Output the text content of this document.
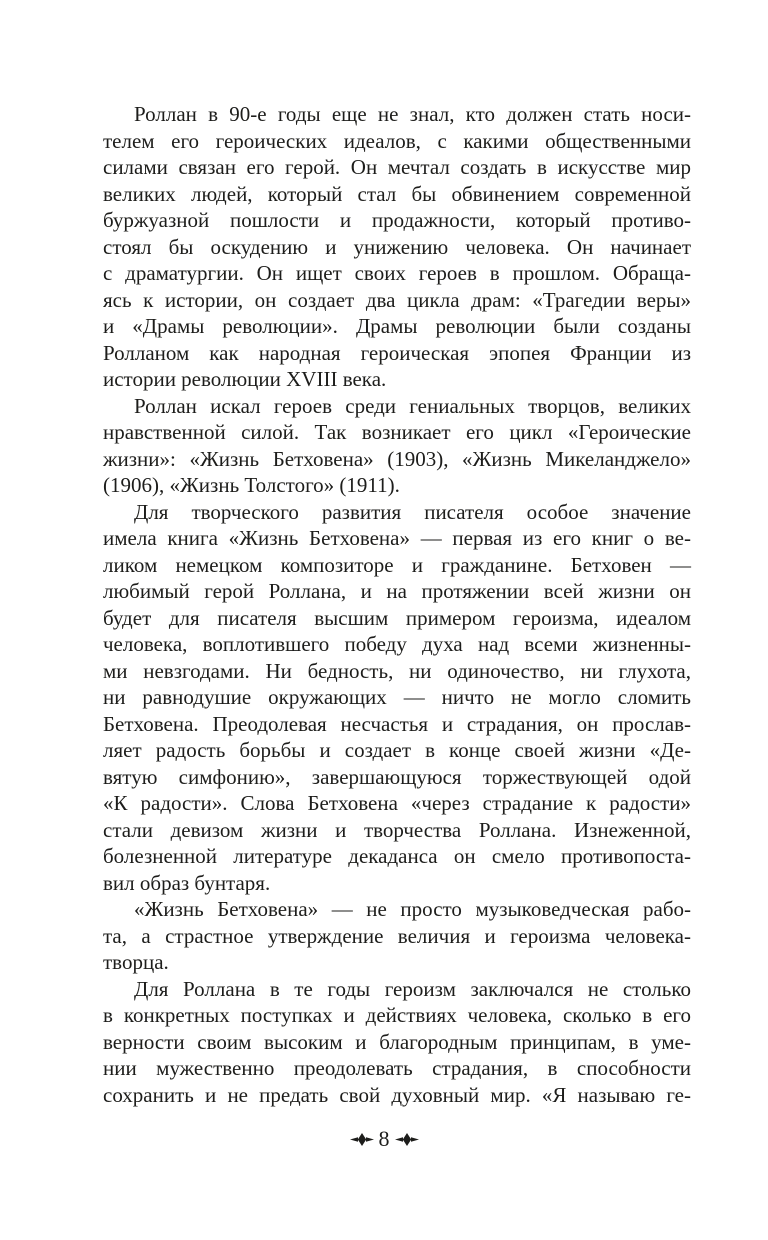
Роллан в 90-е годы еще не знал, кто должен стать носи-
телем его героических идеалов, с какими общественными
силами связан его герой. Он мечтал создать в искусстве мир
великих людей, который стал бы обвинением современной
буржуазной пошлости и продажности, который противо-
стоял бы оскудению и унижению человека. Он начинает
с драматургии. Он ищет своих героев в прошлом. Обраща-
ясь к истории, он создает два цикла драм: «Трагедии веры»
и «Драмы революции». Драмы революции были созданы
Ролланом как народная героическая эпопея Франции из
истории революции XVIII века.
Роллан искал героев среди гениальных творцов, великих
нравственной силой. Так возникает его цикл «Героические
жизни»: «Жизнь Бетховена» (1903), «Жизнь Микеланджело»
(1906), «Жизнь Толстого» (1911).
Для творческого развития писателя особое значение
имела книга «Жизнь Бетховена» — первая из его книг о ве-
ликом немецком композиторе и гражданине. Бетховен —
любимый герой Роллана, и на протяжении всей жизни он
будет для писателя высшим примером героизма, идеалом
человека, воплотившего победу духа над всеми жизненны-
ми невзгодами. Ни бедность, ни одиночество, ни глухота,
ни равнодушие окружающих — ничто не могло сломить
Бетховена. Преодолевая несчастья и страдания, он прослав-
ляет радость борьбы и создает в конце своей жизни «Де-
вятую симфонию», завершающуюся торжествующей одой
«К радости». Слова Бетховена «через страдание к радости»
стали девизом жизни и творчества Роллана. Изнеженной,
болезненной литературе декаданса он смело противопоста-
вил образ бунтаря.
«Жизнь Бетховена» — не просто музыковедческая рабо-
та, а страстное утверждение величия и героизма человека-
творца.
Для Роллана в те годы героизм заключался не столько
в конкретных поступках и действиях человека, сколько в его
верности своим высоким и благородным принципам, в уме-
нии мужественно преодолевать страдания, в способности
сохранить и не предать свой духовный мир. «Я называю ге-
8
